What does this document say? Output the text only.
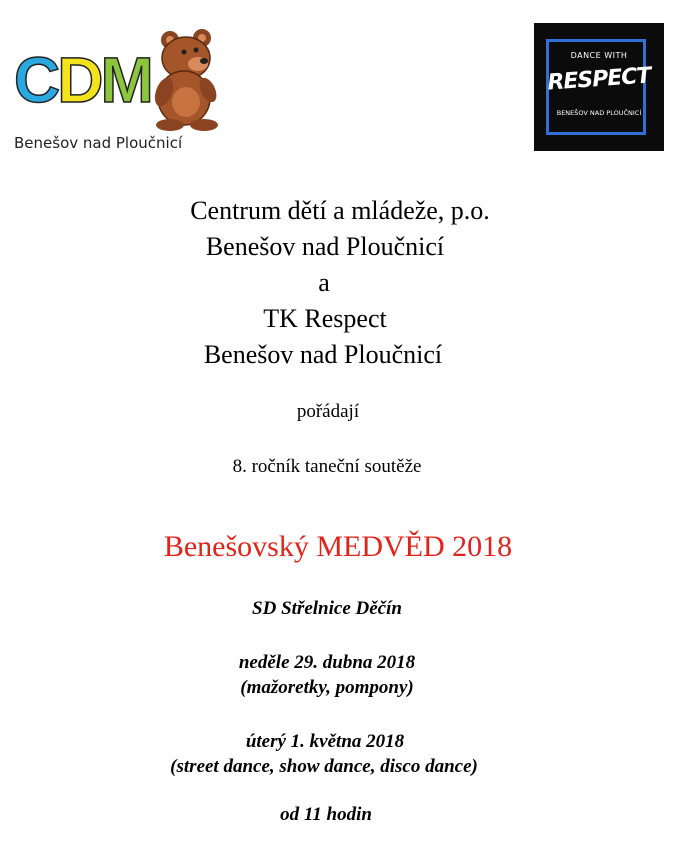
CDM
Benešov nad Ploučnicí
DANCE WITH
RESPECT
BENEŠOV NAD PLOUČNICÍ
Centrum dětí a mládeže, p.o.
Benešov nad Ploučnicí
a
TK Respect
Benešov nad Ploučnicí
pořádají
8. ročník taneční soutěže
Benešovský MEDVĚD 2018
SD Střelnice Děčín
neděle 29. dubna 2018
(mažoretky, pompony)
úterý 1. května 2018
(street dance, show dance, disco dance)
od 11 hodin
